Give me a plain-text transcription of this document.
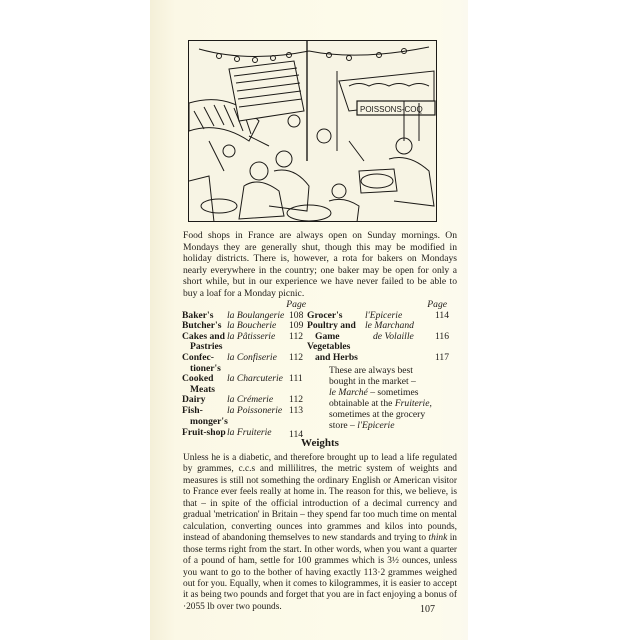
POISSONS-COQ

Food shops in France are always open on Sunday mornings. On Mondays they are generally shut, though this may be modified in holiday districts. There is, however, a rota for bakers on Mondays nearly everywhere in the country; one baker may be open for only a short while, but in our experience we have never failed to be able to buy a loaf for a Monday picnic.

Page
Baker's la Boulangerie 108
Butcher's la Boucherie 109
Cakes and la Pâtisserie 112
Pastries
Confec- la Confiserie 112
tioner's
Cooked la Charcuterie 111
Meats
Dairy la Crémerie 112
Fish-	la Poissonerie 113
monger's
Fruit-shop la Fruiterie 114
Page
Grocer's l'Epicerie	114
Poultry and le Marchand
Game	de Volaille 116
Vegetables
and Herbs	117
These are always best
bought in the market –
le Marché – sometimes
obtainable at the Fruiterie,
sometimes at the grocery
store – l'Epicerie
Weights

Unless he is a diabetic, and therefore brought up to lead a life regulated by grammes, c.c.s and millilitres, the metric system of weights and measures is still not something the ordinary English or American visitor to France ever feels really at home in. The reason for this, we believe, is that – in spite of the official introduction of a decimal currency and gradual 'metrication' in Britain – they spend far too much time on mental calculation, converting ounces into grammes and kilos into pounds, instead of abandoning themselves to new standards and trying to think in those terms right from the start. In other words, when you want a quarter of a pound of ham, settle for 100 grammes which is 3½ ounces, unless you want to go to the bother of having exactly 113·2 grammes weighed out for you. Equally, when it comes to kilogrammes, it is easier to accept it as being two pounds and forget that you are in fact enjoying a bonus of ·2055 lb over two pounds.	107
